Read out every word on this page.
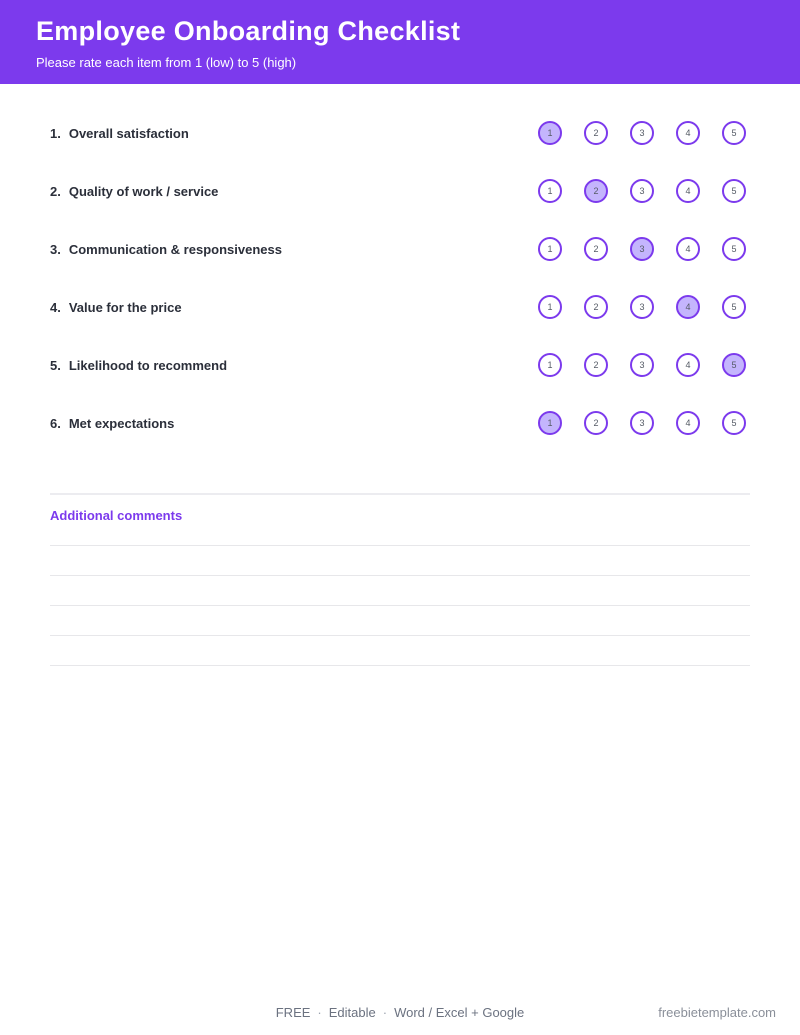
Employee Onboarding Checklist
Please rate each item from 1 (low) to 5 (high)
1. Overall satisfaction	1	2	3	4	5
2. Quality of work / service	1	2	3	4	5
3. Communication & responsiveness	1	2	3	4	5
4. Value for the price	1	2	3	4	5
5. Likelihood to recommend	1	2	3	4	5
6. Met expectations	1	2	3	4	5
Additional comments
FREE · Editable · Word / Excel + Google	freebietemplate.com
